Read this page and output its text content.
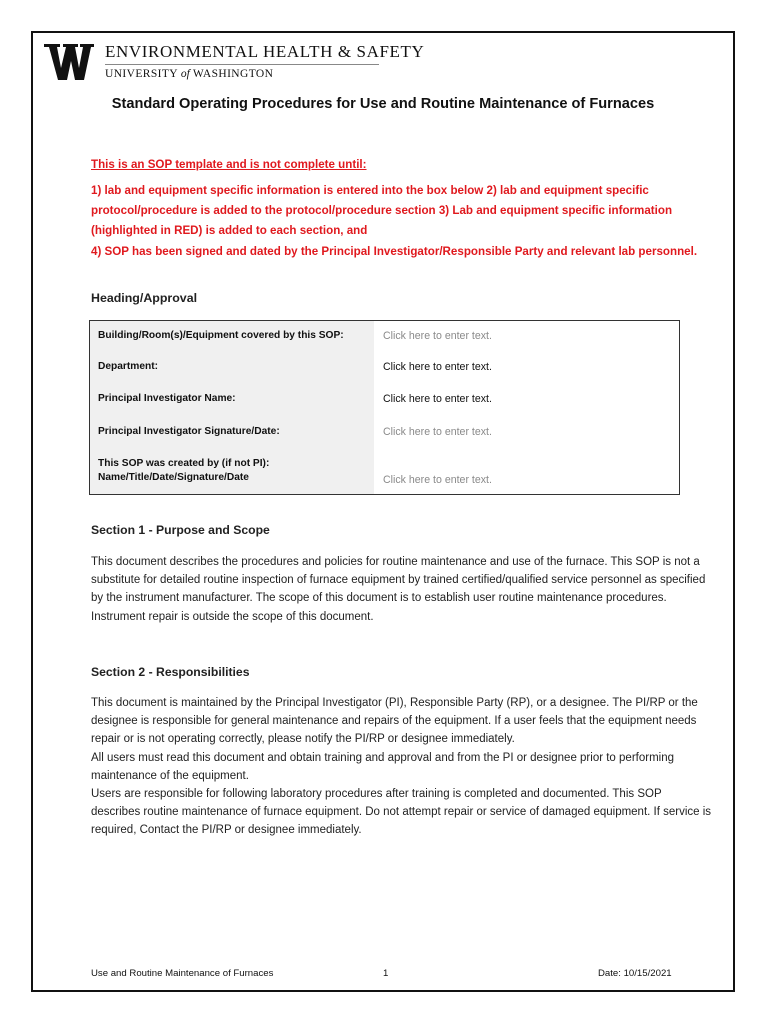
ENVIRONMENTAL HEALTH & SAFETY
UNIVERSITY of WASHINGTON
Standard Operating Procedures for Use and Routine Maintenance of Furnaces
This is an SOP template and is not complete until:

1) lab and equipment specific information is entered into the box below 2) lab and equipment specific protocol/procedure is added to the protocol/procedure section 3) Lab and equipment specific information (highlighted in RED) is added to each section, and

4) SOP has been signed and dated by the Principal Investigator/Responsible Party and relevant lab personnel.

Heading/Approval
Building/Room(s)/Equipment covered by this SOP:	Click here to enter text.
Department:	Click here to enter text.
Principal Investigator Name:	Click here to enter text.
Principal Investigator Signature/Date:	Click here to enter text.
This SOP was created by (if not PI):
Name/Title/Date/Signature/Date	Click here to enter text.
Section 1 - Purpose and Scope

This document describes the procedures and policies for routine maintenance and use of the furnace. This SOP is not a substitute for detailed routine inspection of furnace equipment by trained certified/qualified service personnel as specified by the instrument manufacturer. The scope of this document is to establish user routine maintenance procedures. Instrument repair is outside the scope of this document.

Section 2 - Responsibilities

This document is maintained by the Principal Investigator (PI), Responsible Party (RP), or a designee. The PI/RP or the designee is responsible for general maintenance and repairs of the equipment. If a user feels that the equipment needs repair or is not operating correctly, please notify the PI/RP or designee immediately.

All users must read this document and obtain training and approval and from the PI or designee prior to performing maintenance of the equipment.

Users are responsible for following laboratory procedures after training is completed and documented. This SOP describes routine maintenance of furnace equipment. Do not attempt repair or service of damaged equipment. If service is required, Contact the PI/RP or designee immediately.

Use and Routine Maintenance of Furnaces	1	Date: 10/15/2021
